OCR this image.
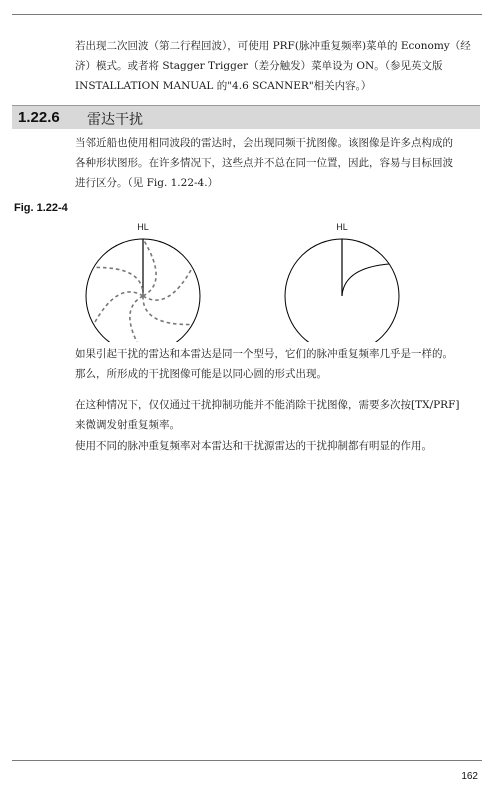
若出现二次回波（第二行程回波），可使用 PRF(脉冲重复频率)菜单的 Economy（经
济）模式。或者将 Stagger Trigger（差分触发）菜单设为 ON。（参见英文版
INSTALLATION MANUAL 的"4.6 SCANNER"相关内容。）
1.22.6 雷达干扰
当邻近船也使用相同波段的雷达时，会出现同频干扰图像。该图像是许多点构成的
各种形状图形。在许多情况下，这些点并不总在同一位置，因此，容易与目标回波
进行区分。（见 Fig. 1.22-4.）
Fig. 1.22-4
HL	HL
如果引起干扰的雷达和本雷达是同一个型号，它们的脉冲重复频率几乎是一样的。
那么，所形成的干扰图像可能是以同心圆的形式出现。
在这种情况下，仅仅通过干扰抑制功能并不能消除干扰图像，需要多次按[TX/PRF]
来微调发射重复频率。
使用不同的脉冲重复频率对本雷达和干扰源雷达的干扰抑制都有明显的作用。
162
